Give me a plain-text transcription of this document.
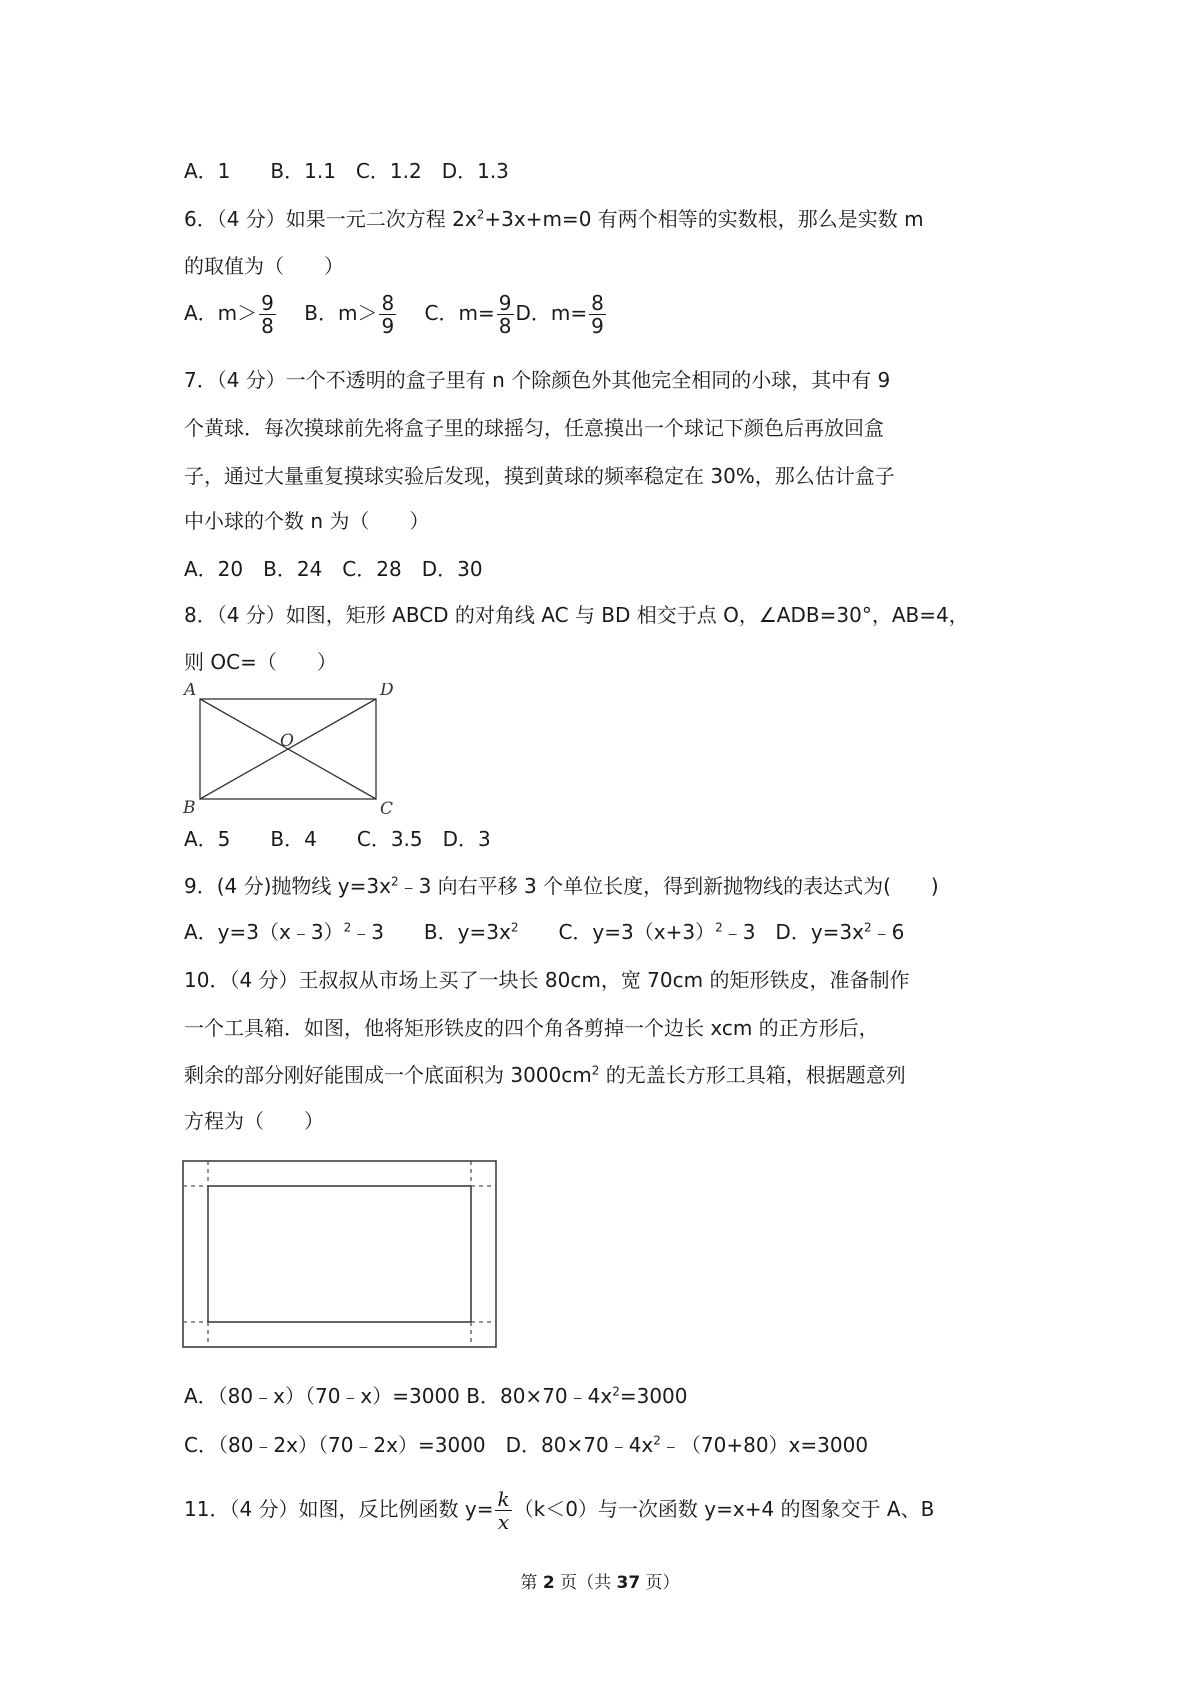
A．1　　B．1.1　C．1.2　D．1.3
6．（4 分）如果一元二次方程 $2x^2+3x+m=0$ 有两个相等的实数根，那么是实数 m
的取值为（　　）
A．$m> \frac{9}{8}$ 　B．$m> \frac{8}{9}$ 　C．$m= \frac{9}{8}$ D．$m= \frac{8}{9}$
7．（4 分）一个不透明的盒子里有 n 个除颜色外其他完全相同的小球，其中有 9
个黄球．每次摸球前先将盒子里的球摇匀，任意摸出一个球记下颜色后再放回盒
子，通过大量重复摸球实验后发现，摸到黄球的频率稳定在 30%，那么估计盒子
中小球的个数 n 为（　　）
A．20　B．24　C．28　D．30
8．（4 分）如图，矩形 ABCD 的对角线 AC 与 BD 相交于点 O，∠ADB=30°，AB=4，
则 OC=（　　）
A	D
B	C
O
A．5　　B．4　　C．3.5　D．3
9．(4 分)抛物线 $y=3x^2﹣3$ 向右平移 3 个单位长度，得到新抛物线的表达式为(　　)
A．y=3（x﹣3）$^2$﹣3　　B．$y=3x^2$　　C．$y=3(x+3)^2﹣3$　D．$y=3x^2﹣6$
10．（4 分）王叔叔从市场上买了一块长 80cm，宽 70cm 的矩形铁皮，准备制作
一个工具箱．如图，他将矩形铁皮的四个角各剪掉一个边长 xcm 的正方形后，
剩余的部分刚好能围成一个底面积为 $3000cm^2$ 的无盖长方形工具箱，根据题意列
方程为（　　）
A．（80﹣x）（70﹣x）=3000 B．$80\times 70﹣4x^2=3000$
C．（80﹣2x）（70﹣2x）=3000　D．$80\times 70﹣4x^2﹣(70+80)x=3000$
11．（4 分）如图，反比例函数 $y= \frac{k}{x} (k<0)$与一次函数 y=x+4 的图象交于 A、B
第 2 页（共 37 页）
